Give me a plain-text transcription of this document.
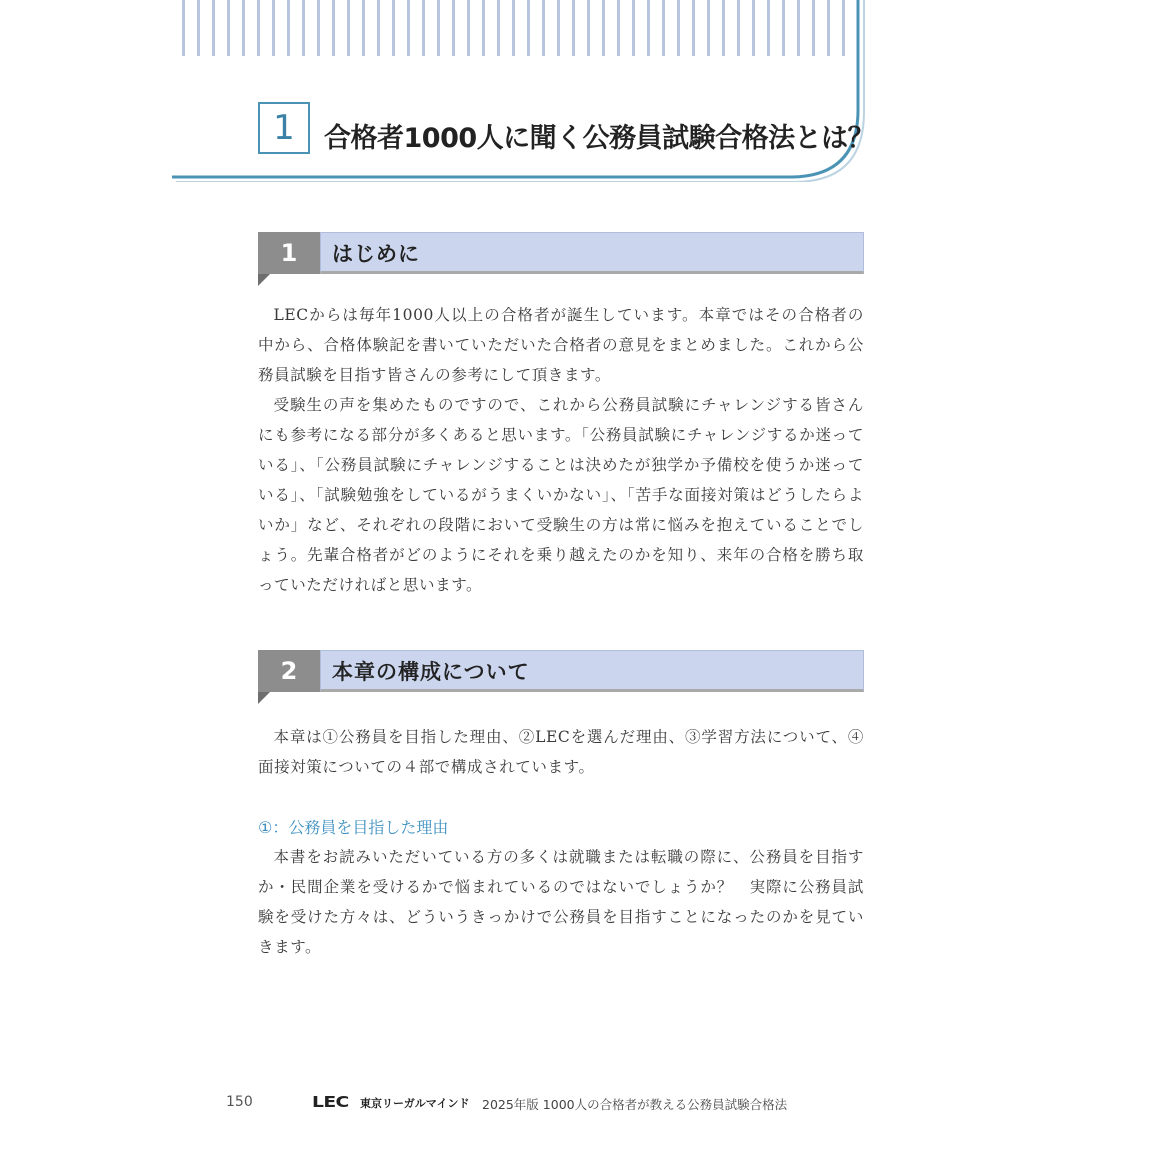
1	合格者1000人に聞く公務員試験合格法とは？
1	はじめに

LECからは毎年1000人以上の合格者が誕生しています。本章ではその合格者の中から、合格体験記を書いていただいた合格者の意見をまとめました。これから公務員試験を目指す皆さんの参考にして頂きます。

受験生の声を集めたものですので、これから公務員試験にチャレンジする皆さんにも参考になる部分が多くあると思います。「公務員試験にチャレンジするか迷っている」、「公務員試験にチャレンジすることは決めたが独学か予備校を使うか迷っている」、「試験勉強をしているがうまくいかない」、「苦手な面接対策はどうしたらよいか」など、それぞれの段階において受験生の方は常に悩みを抱えていることでしょう。先輩合格者がどのようにそれを乗り越えたのかを知り、来年の合格を勝ち取っていただければと思います。

2	本章の構成について

本章は①公務員を目指した理由、②LECを選んだ理由、③学習方法について、④面接対策についての４部で構成されています。

①：公務員を目指した理由

本書をお読みいただいている方の多くは就職または転職の際に、公務員を目指すか・民間企業を受けるかで悩まれているのではないでしょうか？　実際に公務員試験を受けた方々は、どういうきっかけで公務員を目指すことになったのかを見ていきます。

150	LEC 東京リーガルマインド 2025年版 1000人の合格者が教える公務員試験合格法
